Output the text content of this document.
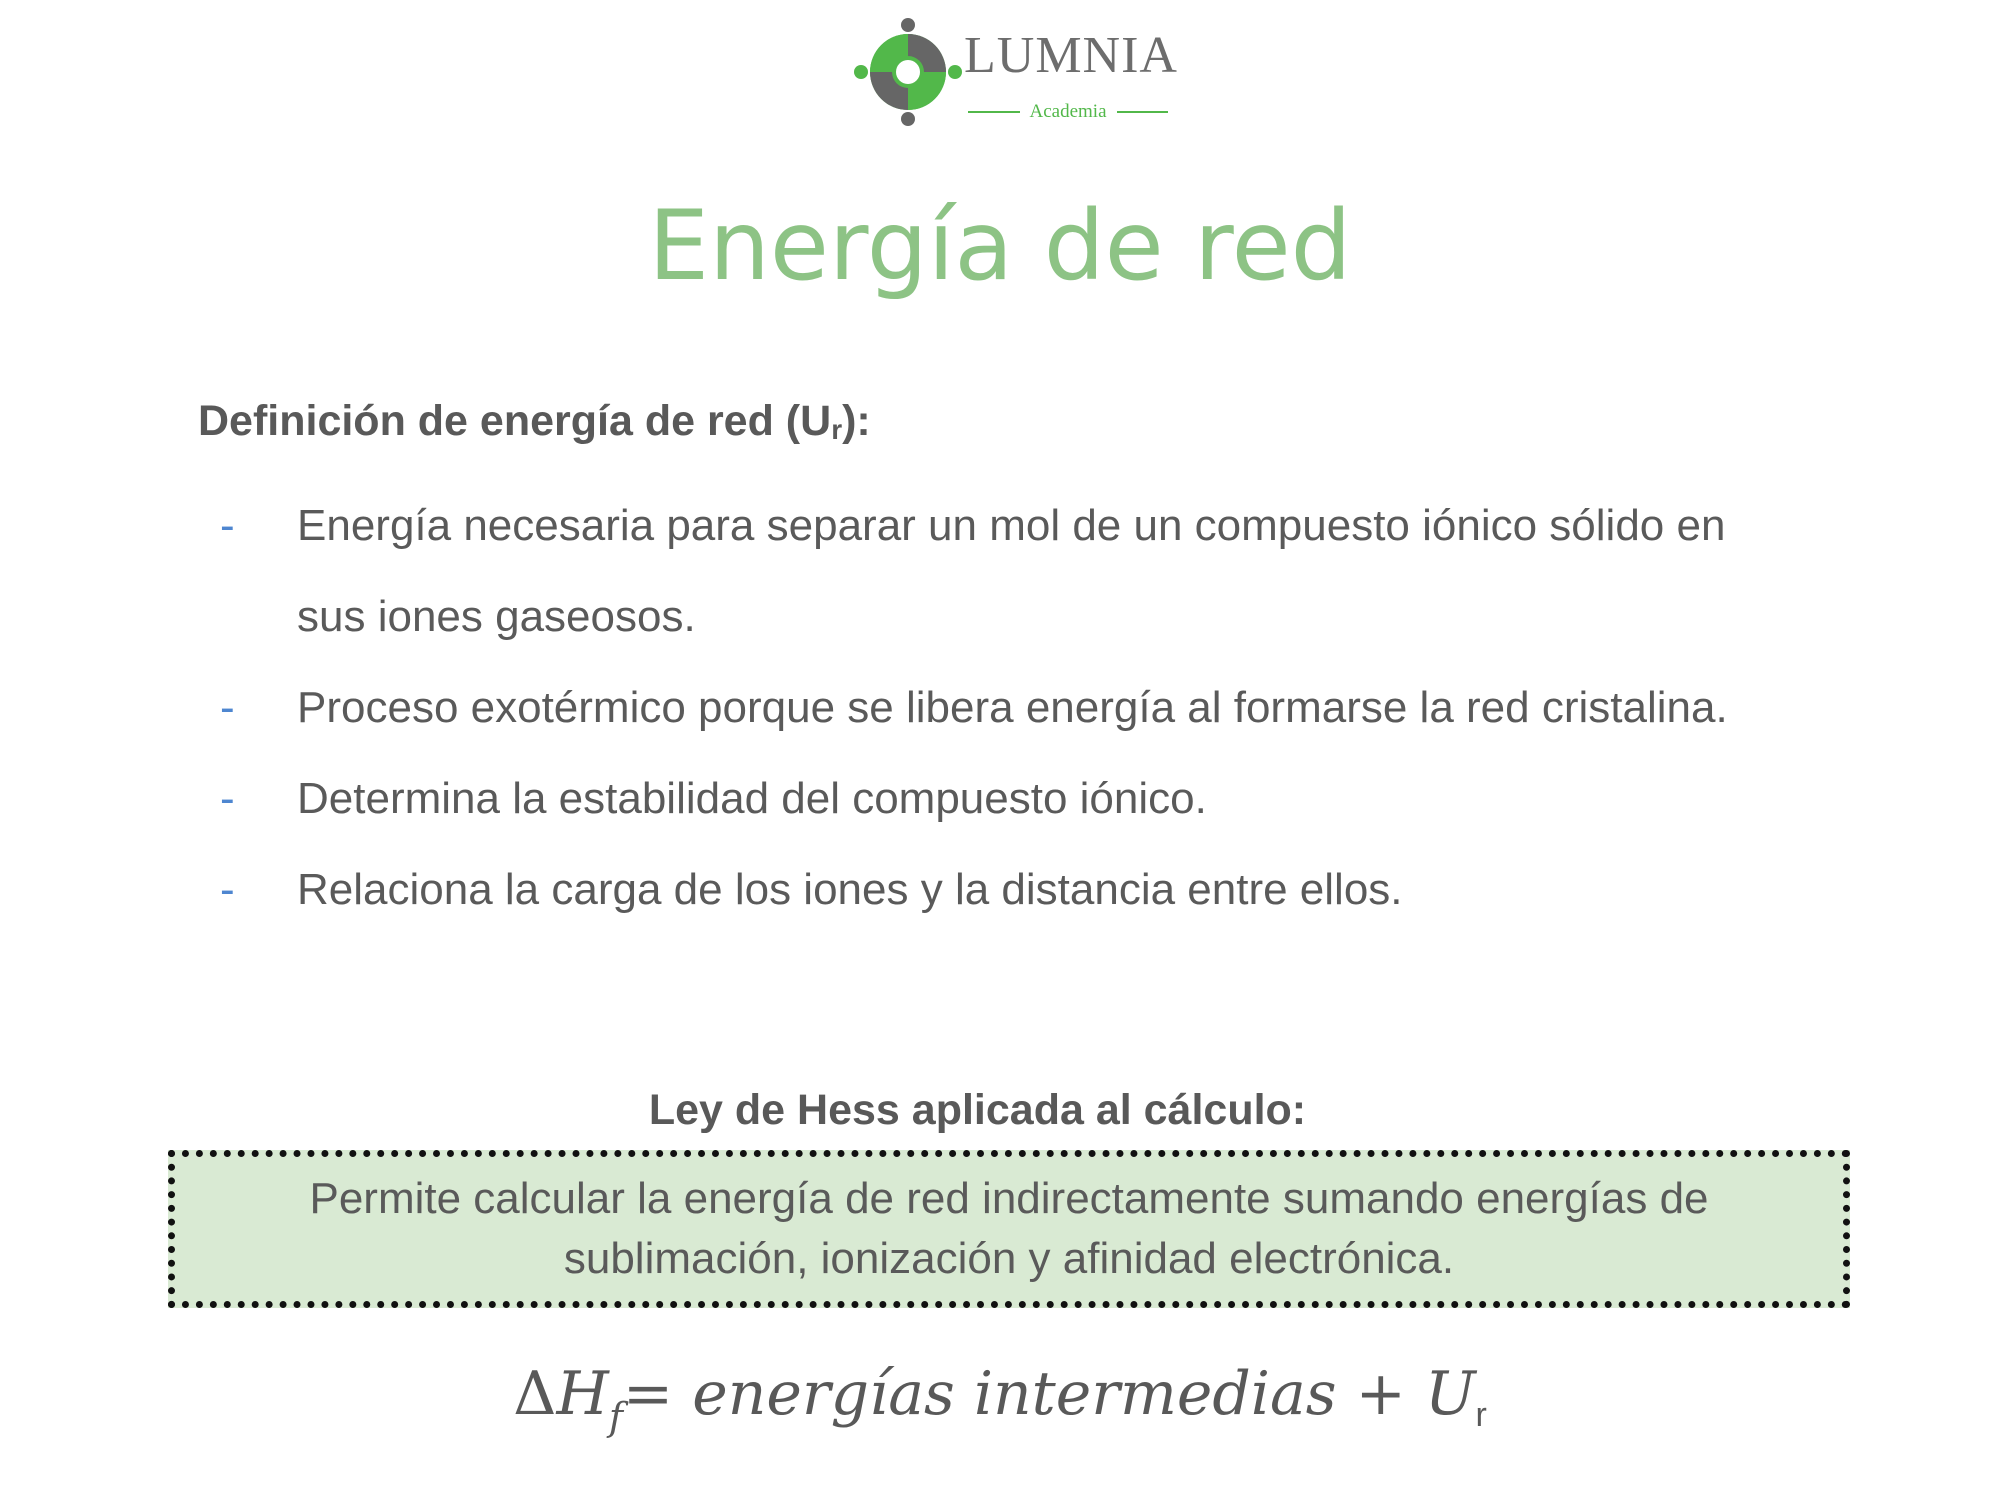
LUMNIA
Academia
Energía de red
Definición de energía de red $(U_r)$:
- Energía necesaria para separar un mol de un compuesto iónico sólido en sus iones gaseosos.
- Proceso exotérmico porque se libera energía al formarse la red cristalina.
- Determina la estabilidad del compuesto iónico.
- Relaciona la carga de los iones y la distancia entre ellos.
Ley de Hess aplicada al cálculo:
Permite calcular la energía de red indirectamente sumando energías de sublimación, ionización y afinidad electrónica.
$\Delta H_f=$ energías intermedias + $U_r$
